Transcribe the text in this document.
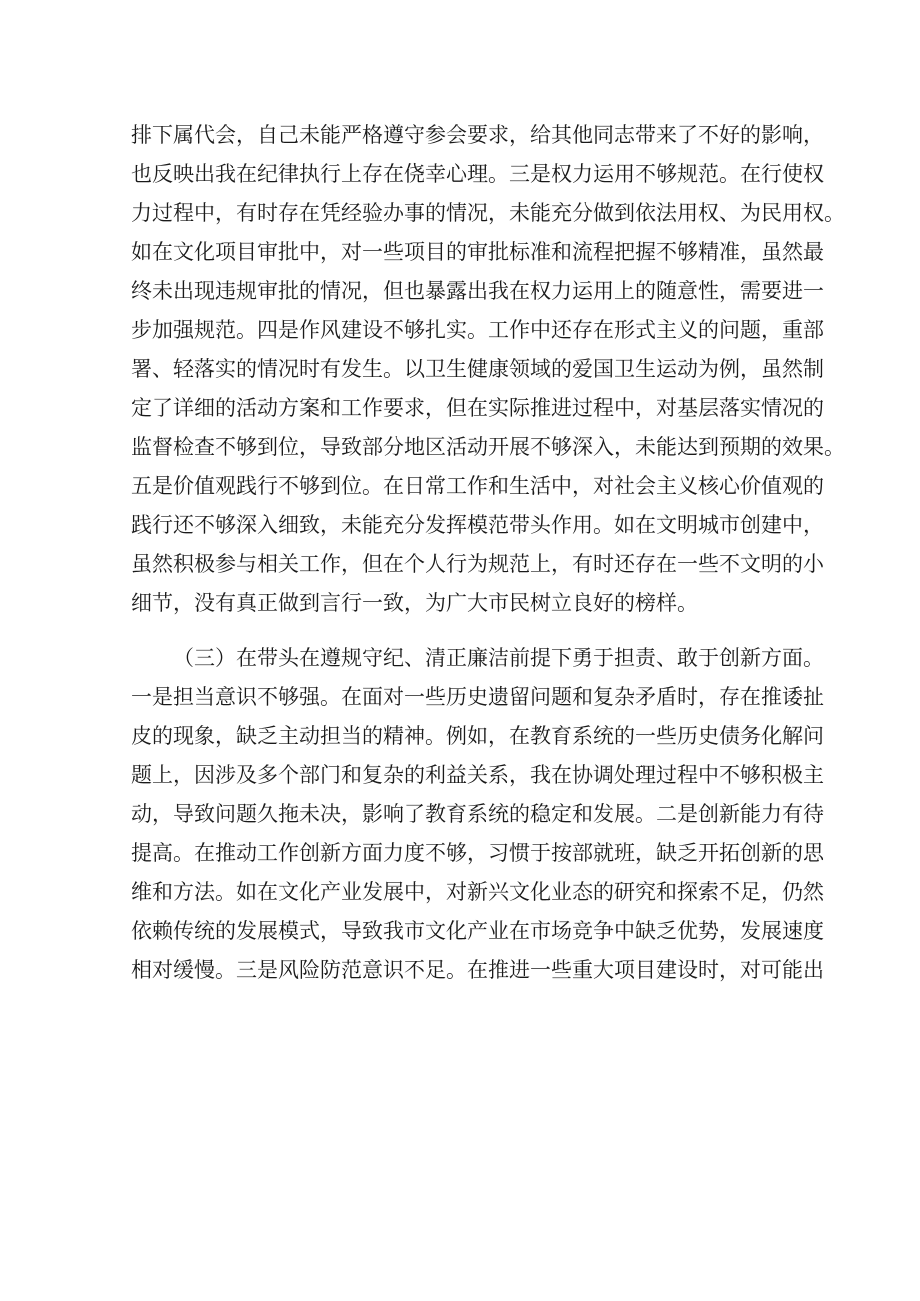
排下属代会，自己未能严格遵守参会要求，给其他同志带来了不好的影响，
也反映出我在纪律执行上存在侥幸心理。三是权力运用不够规范。在行使权
力过程中，有时存在凭经验办事的情况，未能充分做到依法用权、为民用权。
如在文化项目审批中，对一些项目的审批标准和流程把握不够精准，虽然最
终未出现违规审批的情况，但也暴露出我在权力运用上的随意性，需要进一
步加强规范。四是作风建设不够扎实。工作中还存在形式主义的问题，重部
署、轻落实的情况时有发生。以卫生健康领域的爱国卫生运动为例，虽然制
定了详细的活动方案和工作要求，但在实际推进过程中，对基层落实情况的
监督检查不够到位，导致部分地区活动开展不够深入，未能达到预期的效果。
五是价值观践行不够到位。在日常工作和生活中，对社会主义核心价值观的
践行还不够深入细致，未能充分发挥模范带头作用。如在文明城市创建中，
虽然积极参与相关工作，但在个人行为规范上，有时还存在一些不文明的小
细节，没有真正做到言行一致，为广大市民树立良好的榜样。
（三）在带头在遵规守纪、清正廉洁前提下勇于担责、敢于创新方面。
一是担当意识不够强。在面对一些历史遗留问题和复杂矛盾时，存在推诿扯
皮的现象，缺乏主动担当的精神。例如，在教育系统的一些历史债务化解问
题上，因涉及多个部门和复杂的利益关系，我在协调处理过程中不够积极主
动，导致问题久拖未决，影响了教育系统的稳定和发展。二是创新能力有待
提高。在推动工作创新方面力度不够，习惯于按部就班，缺乏开拓创新的思
维和方法。如在文化产业发展中，对新兴文化业态的研究和探索不足，仍然
依赖传统的发展模式，导致我市文化产业在市场竞争中缺乏优势，发展速度
相对缓慢。三是风险防范意识不足。在推进一些重大项目建设时，对可能出
